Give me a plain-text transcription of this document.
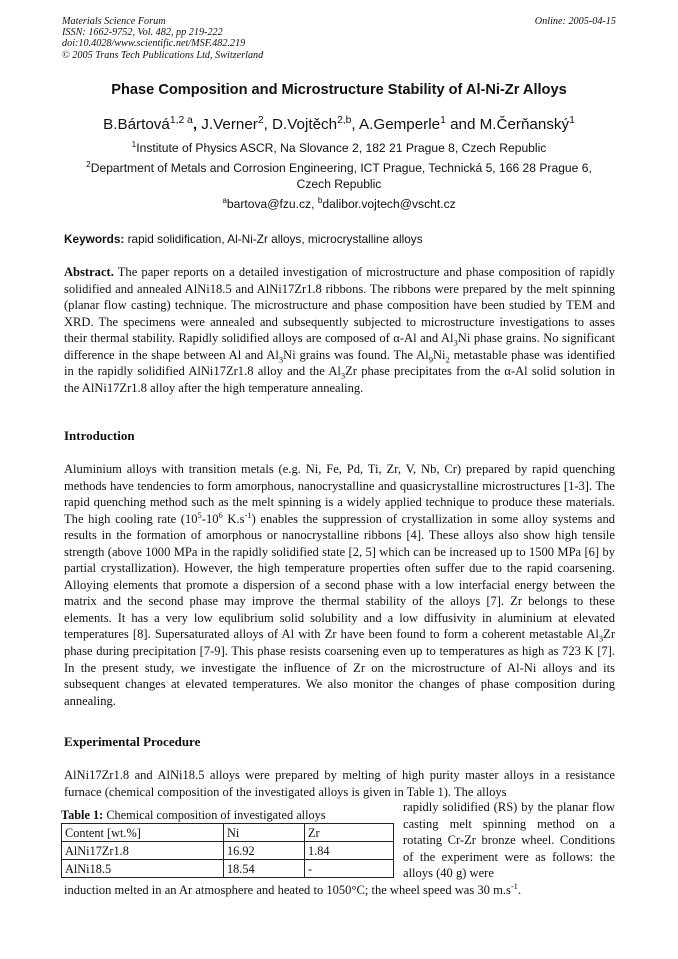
Materials Science Forum
ISSN: 1662-9752, Vol. 482, pp 219-222
doi:10.4028/www.scientific.net/MSF.482.219
© 2005 Trans Tech Publications Ltd, Switzerland
Online: 2005-04-15
Phase Composition and Microstructure Stability of Al-Ni-Zr Alloys
B.Bártová$^{1,2 a}$, J.Verner$^2$, D.Vojtěch$^{2,b}$, A.Gemperle$^1$ and M.Čerňanský$^1$
$^1$Institute of Physics ASCR, Na Slovance 2, 182 21 Prague 8, Czech Republic
$^2$Department of Metals and Corrosion Engineering, ICT Prague, Technická 5, 166 28 Prague 6, Czech Republic
$^a$bartova@fzu.cz, $^b$dalibor.vojtech@vscht.cz
Keywords: rapid solidification, Al-Ni-Zr alloys, microcrystalline alloys

Abstract. The paper reports on a detailed investigation of microstructure and phase composition of rapidly solidified and annealed AlNi18.5 and AlNi17Zr1.8 ribbons. The ribbons were prepared by the melt spinning (planar flow casting) technique. The microstructure and phase composition have been studied by TEM and XRD. The specimens were annealed and subsequently subjected to microstructure investigations to asses their thermal stability. Rapidly solidified alloys are composed of α-Al and $Al_3Ni$ phase grains. No significant difference in the shape between Al and $Al_3Ni$ grains was found. The $Al_9Ni_2$ metastable phase was identified in the rapidly solidified AlNi17Zr1.8 alloy and the $Al_3Zr$ phase precipitates from the α-Al solid solution in the AlNi17Zr1.8 alloy after the high temperature annealing.

Introduction

Aluminium alloys with transition metals (e.g. Ni, Fe, Pd, Ti, Zr, V, Nb, Cr) prepared by rapid quenching methods have tendencies to form amorphous, nanocrystalline and quasicrystalline microstructures [1-3]. The rapid quenching method such as the melt spinning is a widely applied technique to produce these materials. The high cooling rate ($10^5-10^6$ $K.s^{-1}$) enables the suppression of crystallization in some alloy systems and results in the formation of amorphous or nanocrystalline ribbons [4]. These alloys also show high tensile strength (above 1000 MPa in the rapidly solidified state [2, 5] which can be increased up to 1500 MPa [6] by partial crystallization). However, the high temperature properties often suffer due to the rapid coarsening. Alloying elements that promote a dispersion of a second phase with a low interfacial energy between the matrix and the second phase may improve the thermal stability of the alloys [7]. Zr belongs to these elements. It has a very low equlibrium solid solubility and a low diffusivity in aluminium at elevated temperatures [8]. Supersaturated alloys of Al with Zr have been found to form a coherent metastable $Al_3Zr$ phase during precipitation [7-9]. This phase resists coarsening even up to temperatures as high as 723 K [7]. In the present study, we investigate the influence of Zr on the microstructure of Al-Ni alloys and its subsequent changes at elevated temperatures. We also monitor the changes of phase composition during annealing.

Experimental Procedure

AlNi17Zr1.8 and AlNi18.5 alloys were prepared by melting of high purity master alloys in a resistance furnace (chemical composition of the investigated alloys is given in Table 1). The alloys

Table 1: Chemical composition of investigated alloys
Content [wt.%]	Ni	Zr
AlNi17Zr1.8	16.92	1.84
AlNi18.5	18.54	-

rapidly solidified (RS) by the planar flow casting melt spinning method on a rotating Cr-Zr bronze wheel. Conditions of the experiment were as follows: the alloys (40 g) were

induction melted in an Ar atmosphere and heated to 1050°C; the wheel speed was 30 $m.s^{-1}$.
